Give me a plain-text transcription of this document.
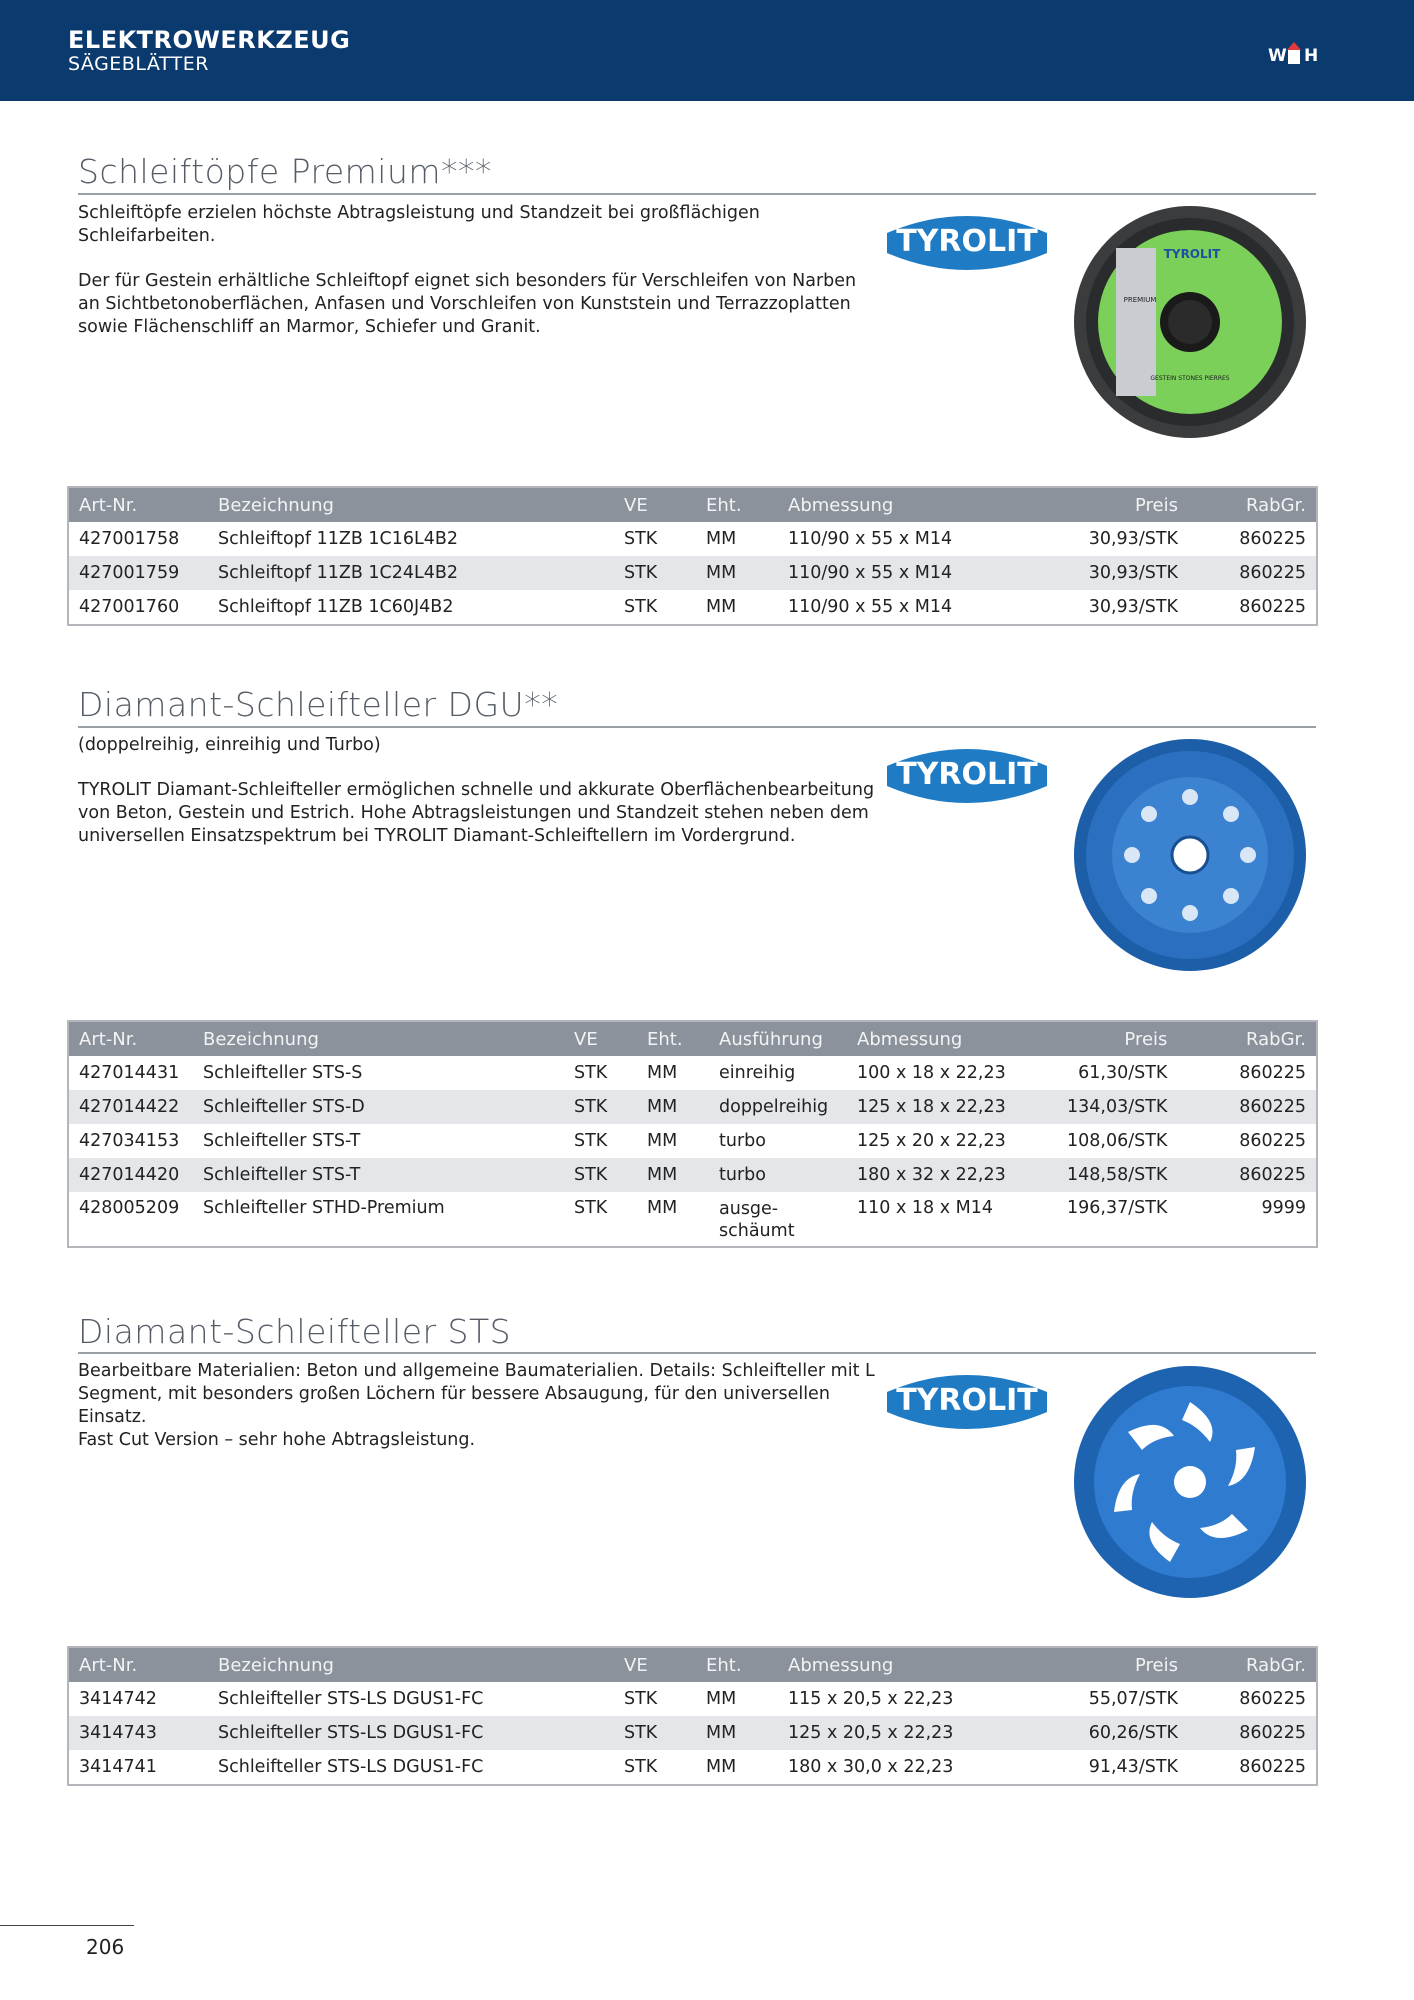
ELEKTROWERKZEUG
SÄGEBLÄTTER	W H
Schleiftöpfe Premium***

Schleiftöpfe erzielen höchste Abtragsleistung und Standzeit bei großflächigen Schleifarbeiten.

Der für Gestein erhältliche Schleiftopf eignet sich besonders für Verschleifen von Narben an Sichtbetonoberflächen, Anfasen und Vorschleifen von Kunststein und Terrazzoplatten sowie Flächenschliff an Marmor, Schiefer und Granit.

TYROLIT	TYROLIT
PREMIUM
GESTEIN STONES PIERRES
Art-Nr.	Bezeichnung	VE	Eht.	Abmessung	Preis	RabGr.
427001758	Schleiftopf 11ZB 1C16L4B2	STK	MM	110/90 x 55 x M14	30,93/STK	860225
427001759	Schleiftopf 11ZB 1C24L4B2	STK	MM	110/90 x 55 x M14	30,93/STK	860225
427001760	Schleiftopf 11ZB 1C60J4B2	STK	MM	110/90 x 55 x M14	30,93/STK	860225
Diamant-Schleifteller DGU**

(doppelreihig, einreihig und Turbo)

TYROLIT Diamant-Schleifteller ermöglichen schnelle und akkurate Oberflächenbearbeitung von Beton, Gestein und Estrich. Hohe Abtragsleistungen und Standzeit stehen neben dem universellen Einsatzspektrum bei TYROLIT Diamant-Schleiftellern im Vordergrund.

TYROLIT
Art-Nr.	Bezeichnung	VE	Eht.	Ausführung	Abmessung	Preis	RabGr.
427014431	Schleifteller STS-S	STK	MM	einreihig	100 x 18 x 22,23	61,30/STK	860225
427014422	Schleifteller STS-D	STK	MM	doppelreihig	125 x 18 x 22,23	134,03/STK	860225
427034153	Schleifteller STS-T	STK	MM	turbo	125 x 20 x 22,23	108,06/STK	860225
427014420	Schleifteller STS-T	STK	MM	turbo	180 x 32 x 22,23	148,58/STK	860225
428005209	Schleifteller STHD-Premium	STK	MM	ausge-schäumt	110 x 18 x M14	196,37/STK	9999
Diamant-Schleifteller STS

Bearbeitbare Materialien: Beton und allgemeine Baumaterialien. Details: Schleifteller mit L Segment, mit besonders großen Löchern für bessere Absaugung, für den universellen Einsatz.

Fast Cut Version – sehr hohe Abtragsleistung.

TYROLIT
Art-Nr.	Bezeichnung	VE	Eht.	Abmessung	Preis	RabGr.
3414742	Schleifteller STS-LS DGUS1-FC	STK	MM	115 x 20,5 x 22,23	55,07/STK	860225
3414743	Schleifteller STS-LS DGUS1-FC	STK	MM	125 x 20,5 x 22,23	60,26/STK	860225
3414741	Schleifteller STS-LS DGUS1-FC	STK	MM	180 x 30,0 x 22,23	91,43/STK	860225
206
